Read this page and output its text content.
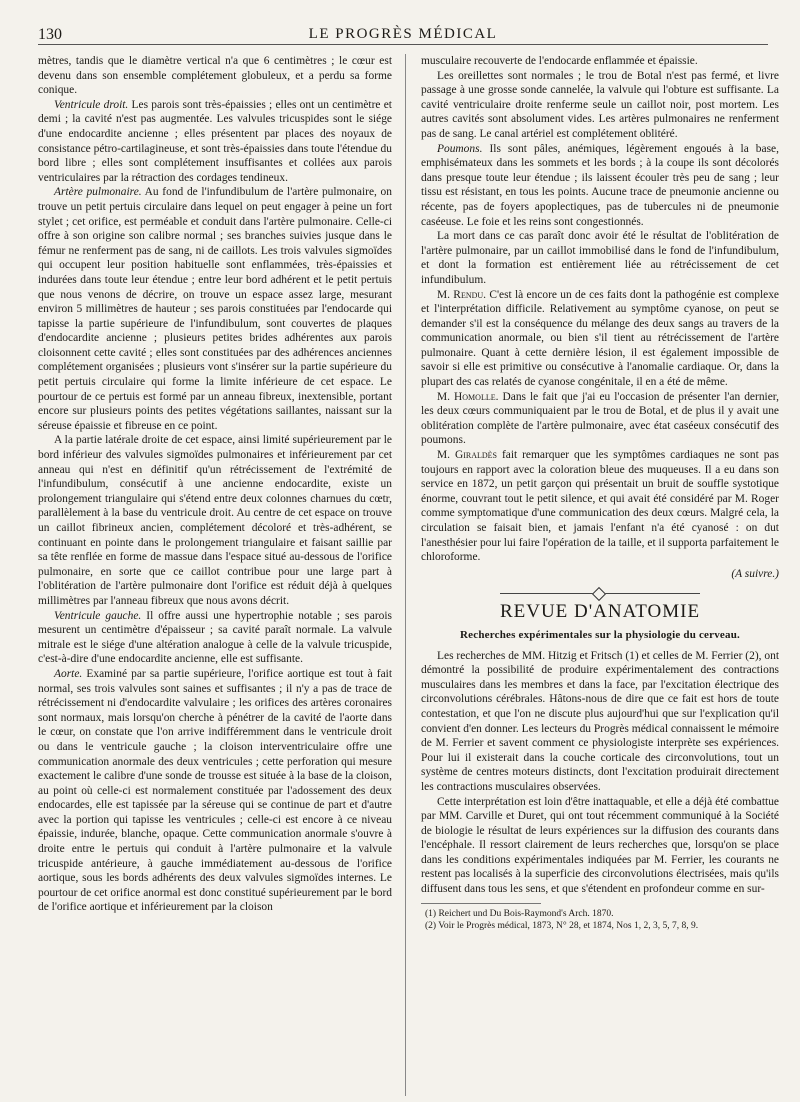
130	LE PROGRÈS MÉDICAL

mètres, tandis que le diamètre vertical n'a que 6 centimètres ; le cœur est devenu dans son ensemble complétement globuleux, et a perdu sa forme conique.

Ventricule droit. Les parois sont très-épaissies ; elles ont un centimètre et demi ; la cavité n'est pas augmentée. Les valvules tricuspides sont le siége d'une endocardite ancienne ; elles présentent par places des noyaux de consistance pétro-cartilagineuse, et sont très-épaissies dans toute l'étendue du bord libre ; elles sont complétement insuffisantes et collées aux parois ventriculaires par la rétraction des cordages tendineux.

Artère pulmonaire. Au fond de l'infundibulum de l'artère pulmonaire, on trouve un petit pertuis circulaire dans lequel on peut engager à peine un fort stylet ; cet orifice, est perméable et conduit dans l'artère pulmonaire. Celle-ci offre à son origine son calibre normal ; ses branches suivies jusque dans le fémur ne renferment pas de sang, ni de caillots. Les trois valvules sigmoïdes qui occupent leur position habituelle sont enflammées, très-épaissies et indurées dans toute leur étendue ; entre leur bord adhérent et le petit pertuis que nous venons de décrire, on trouve un espace assez large, mesurant environ 5 millimètres de hauteur ; ses parois constituées par l'endocarde qui tapisse la partie supérieure de l'infundibulum, sont couvertes de plaques d'endocardite ancienne ; plusieurs petites brides adhérentes aux parois cloisonnent cette cavité ; elles sont constituées par des adhérences anciennes complétement organisées ; plusieurs vont s'insérer sur la partie supérieure du petit pertuis circulaire qui forme la limite inférieure de cet espace. Le pourtour de ce pertuis est formé par un anneau fibreux, inextensible, portant encore sur plusieurs points des petites végétations saillantes, naissant sur la séreuse épaissie et fibreuse en ce point.

A la partie latérale droite de cet espace, ainsi limité supérieurement par le bord inférieur des valvules sigmoïdes pulmonaires et inférieurement par cet anneau qui n'est en définitif qu'un rétrécissement de l'extrémité de l'infundibulum, consécutif à une ancienne endocardite, existe un prolongement triangulaire qui s'étend entre deux colonnes charnues du cœtr, parallèlement à la base du ventricule droit. Au centre de cet espace on trouve un caillot fibrineux ancien, complétement décoloré et très-adhérent, se continuant en pointe dans le prolongement triangulaire et faisant saillie par sa tête renflée en forme de massue dans l'espace situé au-dessous de l'orifice pulmonaire, en sorte que ce caillot contribue pour une large part à l'oblitération de l'artère pulmonaire dont l'orifice est réduit déjà à quelques millimètres par l'anneau fibreux que nous avons décrit.

Ventricule gauche. Il offre aussi une hypertrophie notable ; ses parois mesurent un centimètre d'épaisseur ; sa cavité paraît normale. La valvule mitrale est le siége d'une altération analogue à celle de la valvule tricuspide, c'est-à-dire d'une endocardite ancienne, elle est suffisante.

Aorte. Examiné par sa partie supérieure, l'orifice aortique est tout à fait normal, ses trois valvules sont saines et suffisantes ; il n'y a pas de trace de rétrécissement ni d'endocardite valvulaire ; les orifices des artères coronaires sont normaux, mais lorsqu'on cherche à pénétrer de la cavité de l'aorte dans le cœur, on constate que l'on arrive indifféremment dans le ventricule droit ou dans le ventricule gauche ; la cloison interventriculaire offre une communication anormale des deux ventricules ; cette perforation qui mesure exactement le calibre d'une sonde de trousse est située à la base de la cloison, au point où celle-ci est normalement constituée par l'adossement des deux endocardes, elle est tapissée par la séreuse qui se continue de part et d'autre avec la portion qui tapisse les ventricules ; celle-ci est encore à ce niveau épaissie, indurée, blanche, opaque. Cette communication anormale s'ouvre à droite entre le pertuis qui conduit à l'artère pulmonaire et la valvule tricuspide antérieure, à gauche immédiatement au-dessous de l'orifice aortique, sous les bords adhérents des deux valvules sigmoïdes internes. Le pourtour de cet orifice anormal est donc constitué supérieurement par le bord de l'orifice aortique et inférieurement par la cloison

musculaire recouverte de l'endocarde enflammée et épaissie.

Les oreillettes sont normales ; le trou de Botal n'est pas fermé, et livre passage à une grosse sonde cannelée, la valvule qui l'obture est suffisante. La cavité ventriculaire droite renferme seule un caillot noir, post mortem. Les autres cavités sont absolument vides. Les artères pulmonaires ne renferment pas de sang. Le canal artériel est complétement oblitéré.

Poumons. Ils sont pâles, anémiques, légèrement engoués à la base, emphisémateux dans les sommets et les bords ; à la coupe ils sont décolorés dans presque toute leur étendue ; ils laissent écouler très peu de sang ; leur tissu est résistant, en tous les points. Aucune trace de pneumonie ancienne ou récente, pas de foyers apoplectiques, pas de tubercules ni de pneumonie caséeuse. Le foie et les reins sont congestionnés.

La mort dans ce cas paraît donc avoir été le résultat de l'oblitération de l'artère pulmonaire, par un caillot immobilisé dans le fond de l'infundibulum, et dont la formation est entièrement liée au rétrécissement de cet infundibulum.

M. Rendu. C'est là encore un de ces faits dont la pathogénie est complexe et l'interprétation difficile. Relativement au symptôme cyanose, on peut se demander s'il est la conséquence du mélange des deux sangs au travers de la communication anormale, ou bien s'il tient au rétrécissement de l'artère pulmonaire. Quant à cette dernière lésion, il est également impossible de savoir si elle est primitive ou consécutive à l'anomalie cardiaque. Or, dans la plupart des cas relatés de cyanose congénitale, il en a été de même.

M. Homolle. Dans le fait que j'ai eu l'occasion de présenter l'an dernier, les deux cœurs communiquaient par le trou de Botal, et de plus il y avait une oblitération complète de l'artère pulmonaire, avec état caséeux consécutif des poumons.

M. Giraldès fait remarquer que les symptômes cardiaques ne sont pas toujours en rapport avec la coloration bleue des muqueuses. Il a eu dans son service en 1872, un petit garçon qui présentait un bruit de souffle systotique énorme, couvrant tout le petit silence, et qui avait été considéré par M. Roger comme symptomatique d'une communication des deux cœurs. Malgré cela, la circulation se faisait bien, et jamais l'enfant n'a été cyanosé : on dut l'anesthésier pour lui faire l'opération de la taille, et il supporta parfaitement le chloroforme.

(A suivre.)
REVUE D'ANATOMIE
Recherches expérimentales sur la physiologie du cerveau.

Les recherches de MM. Hitzig et Fritsch (1) et celles de M. Ferrier (2), ont démontré la possibilité de produire expérimentalement des contractions musculaires dans les membres et dans la face, par l'excitation électrique des circonvolutions cérébrales. Hâtons-nous de dire que ce fait est hors de toute contestation, et que l'on ne discute plus aujourd'hui que sur l'explication qu'il convient d'en donner. Les lecteurs du Progrès médical connaissent le mémoire de M. Ferrier et savent comment ce physiologiste interprète ses expériences. Pour lui il existerait dans la couche corticale des circonvolutions, tout un système de centres moteurs distincts, dont l'excitation produirait directement les contractions musculaires observées.

Cette interprétation est loin d'être inattaquable, et elle a déjà été combattue par MM. Carville et Duret, qui ont tout récemment communiqué à la Société de biologie le résultat de leurs expériences sur la diffusion des courants dans l'encéphale. Il ressort clairement de leurs recherches que, lorsqu'on se place dans les conditions expérimentales indiquées par M. Ferrier, les courants ne restent pas localisés à la superficie des circonvolutions électrisées, mais qu'ils diffusent dans tous les sens, et que s'étendent en profondeur comme en sur-

(1) Reichert und Du Bois-Raymond's Arch. 1870.

(2) Voir le Progrès médical, 1873, N° 28, et 1874, Nos 1, 2, 3, 5, 7, 8, 9.
